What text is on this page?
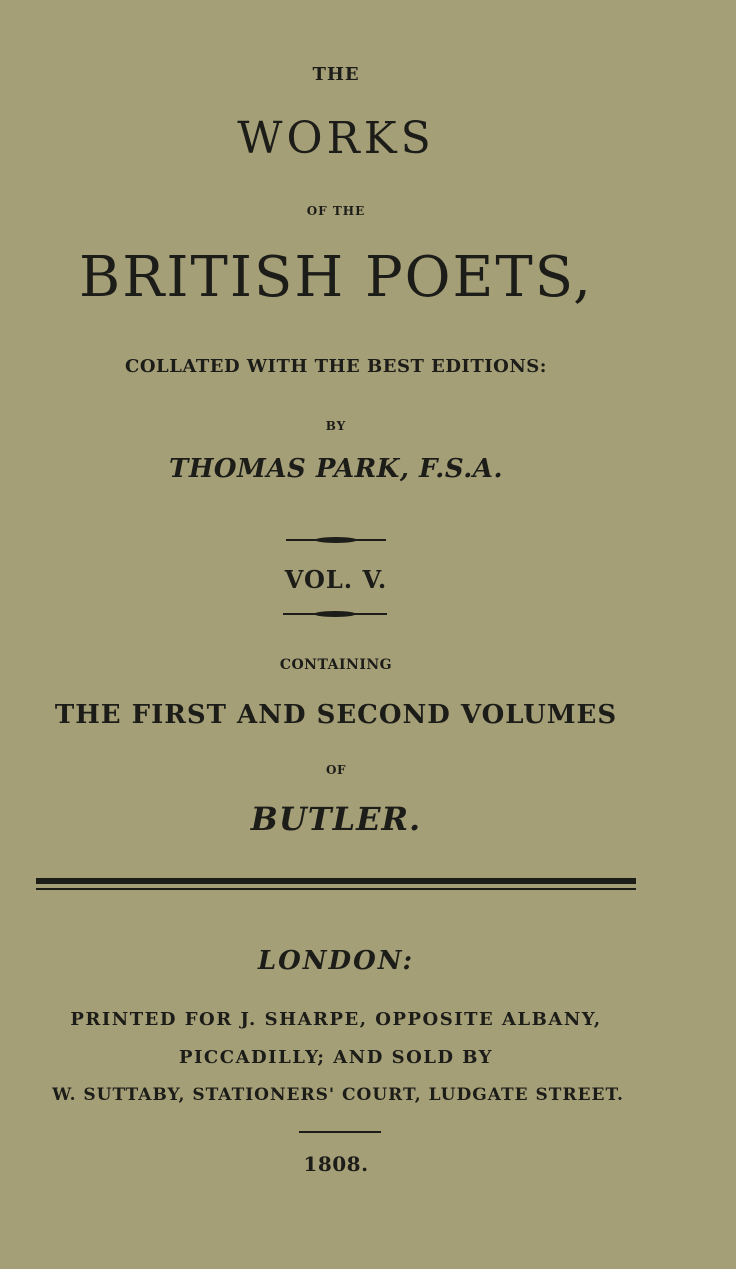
THE
WORKS
OF THE
BRITISH POETS,
COLLATED WITH THE BEST EDITIONS:
BY
THOMAS PARK, F.S.A.
VOL. V.
CONTAINING
THE FIRST AND SECOND VOLUMES
OF
BUTLER.
LONDON:
PRINTED FOR J. SHARPE, OPPOSITE ALBANY,
PICCADILLY; AND SOLD BY
W. SUTTABY, STATIONERS' COURT, LUDGATE STREET.
1808.
